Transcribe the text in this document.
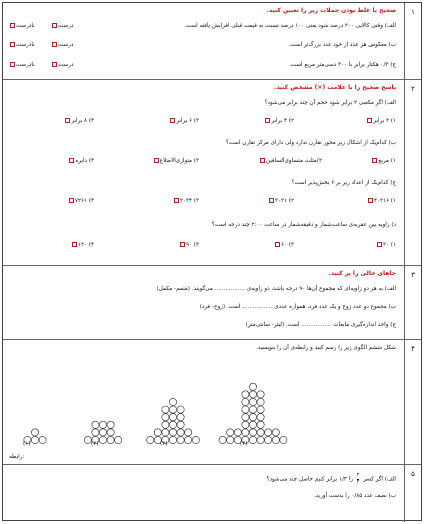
۱
صحیح یا غلط بودن جملات زیر را تعیین کنید.
الف) وقتی کالایی ۲۰۰ درصد شود یعنی ۱۰۰ درصد نسبت به قیمت قبلی افزایش یافته است.
ب) معکوس هر عدد از خود عدد بزرگ‌تر است.
ج) ۰/۳ هکتار برابر با ۳۰۰ دسی‌متر مربع است.
درست
نادرست
درست
نادرست
درست
نادرست
۲
پاسخ صحیح را با علامت (×) مشخص کنید.
الف) اگر مکعبی ۲ برابر شود حجم آن چند برابر می‌شود؟
۱) ۲ برابر
۲) ۴ برابر
۳) ۶ برابر
۴) ۸ برابر
ب) کدام‌یک از اشکال زیر محور تقارن ندارد ولی دارای مرکز تقارن است؟
۱) مربع
۲)مثلث متساوی‌الساقین
۳) متوازی‌الاضلاع
۴) دایره
ج) کدام‌یک از اعداد زیر بر ۶ بخش‌پذیر است؟
۱) ۴۰۲۱۶
۲) ۳۰۲۱
۳) ۲۰۳۴
۴) ۷۲۶۱
د) زاویه بین عقربه‌ی ساعت‌شمار و دقیقه‌شمار در ساعت ۲:۰۰ چند درجه است؟
۱) ۳۰
۲) ۶۰
۳) ۹۰
۴) ۱۲۰
۳
جاهای خالی را پر کنید.
الف) به هر دو زاویه‌ای که مجموع آن‌ها ۹۰ درجه باشد، دو زاویه‌ی ................. می‌گویند. (متمم- مکمل)
ب) مجموع دو عدد زوج و یک عدد فرد، همواره عددی ................. است. (زوج- فرد)
ج) واحد اندازه‌گیری مایعات ................. است. (لیتر- سانتی‌متر)
۴
شکل ششم الگوی زیر را رسم کنید و رابطه‌ی آن را بنویسید.
(۱)	(۲)	(۳)	(۴)
:رابطه
۵
الف) اگر کسر
۲
۴
را ۱/۳ برابر کنیم حاصل چند می‌شود؟
ب) نصف عدد ۰/۸۵ را بدست آورید.
